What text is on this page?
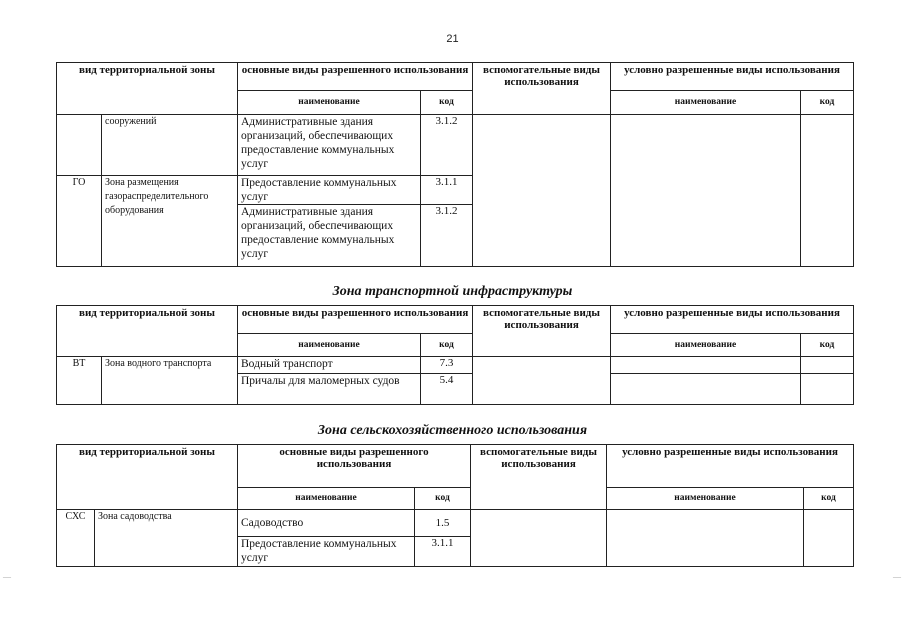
21
вид территориальной зоны		основные виды разрешенного использования		вспомогательные виды использования	условно разрешенные виды использования	
		наименование	код		наименование	код
	сооружений	Административные здания организаций, обеспечивающих предоставление коммунальных услуг	3.1.2			
ГО	Зона размещения газораспределительного оборудования	Предоставление коммунальных услуг	3.1.1			
		Административные здания организаций, обеспечивающих предоставление коммунальных услуг	3.1.2			
Зона транспортной инфраструктуры
вид территориальной зоны		основные виды разрешенного использования		вспомогательные виды использования	условно разрешенные виды использования	
		наименование	код		наименование	код
ВТ	Зона водного транспорта	Водный транспорт	7.3			
		Причалы для маломерных судов	5.4			
Зона сельскохозяйственного использования
вид территориальной зоны		основные виды разрешенного использования		вспомогательные виды использования	условно разрешенные виды использования	
		наименование	код		наименование	код
СХС	Зона садоводства	Садоводство	1.5			
		Предоставление коммунальных услуг	3.1.1			
—	—
